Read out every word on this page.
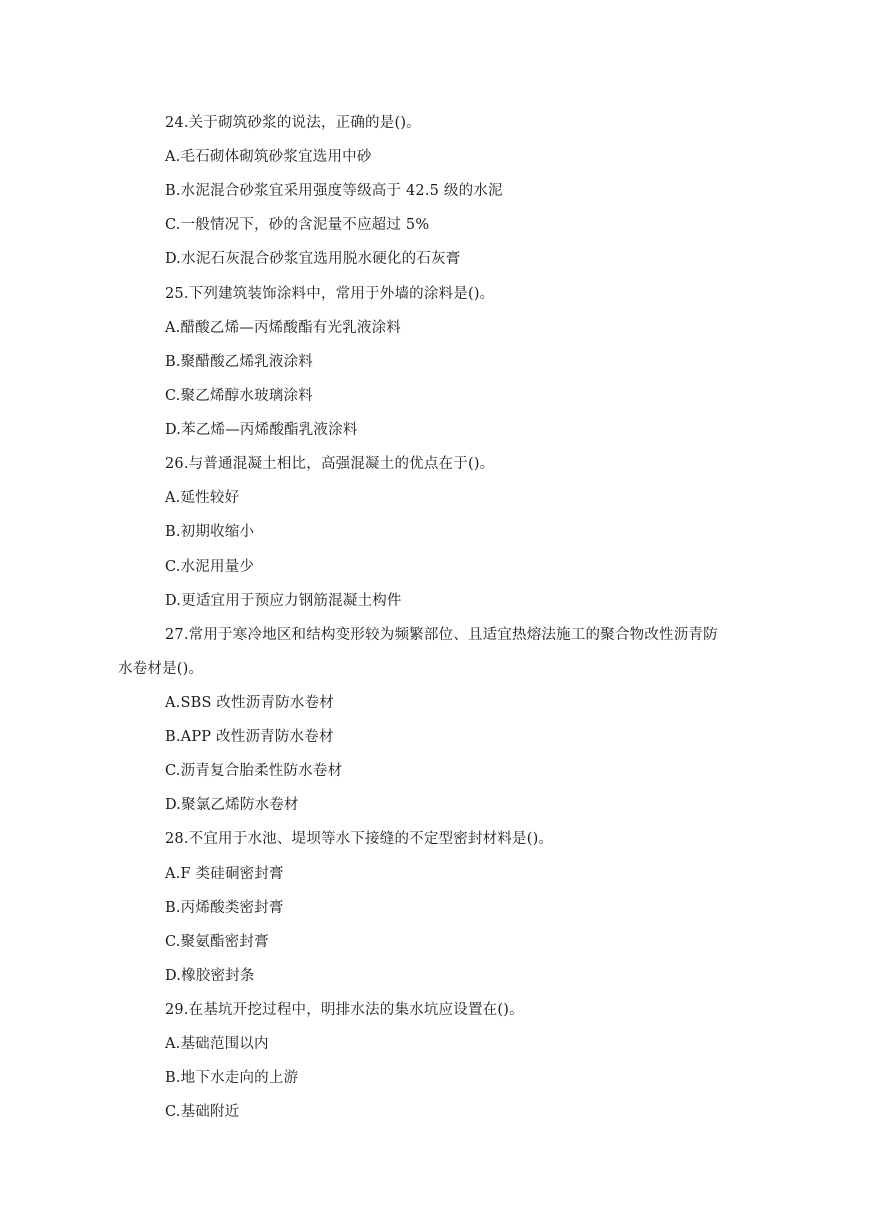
24.关于砌筑砂浆的说法，正确的是()。
A.毛石砌体砌筑砂浆宜选用中砂
B.水泥混合砂浆宜采用强度等级高于 42.5 级的水泥
C.一般情况下，砂的含泥量不应超过 5%
D.水泥石灰混合砂浆宜选用脱水硬化的石灰膏
25.下列建筑装饰涂料中，常用于外墙的涂料是()。
A.醋酸乙烯—丙烯酸酯有光乳液涂料
B.聚醋酸乙烯乳液涂料
C.聚乙烯醇水玻璃涂料
D.苯乙烯—丙烯酸酯乳液涂料
26.与普通混凝土相比，高强混凝土的优点在于()。
A.延性较好
B.初期收缩小
C.水泥用量少
D.更适宜用于预应力钢筋混凝土构件
27.常用于寒冷地区和结构变形较为频繁部位、且适宜热熔法施工的聚合物改性沥青防
水卷材是()。
A.SBS 改性沥青防水卷材
B.APP 改性沥青防水卷材
C.沥青复合胎柔性防水卷材
D.聚氯乙烯防水卷材
28.不宜用于水池、堤坝等水下接缝的不定型密封材料是()。
A.F 类硅硐密封膏
B.丙烯酸类密封膏
C.聚氨酯密封膏
D.橡胶密封条
29.在基坑开挖过程中，明排水法的集水坑应设置在()。
A.基础范围以内
B.地下水走向的上游
C.基础附近
